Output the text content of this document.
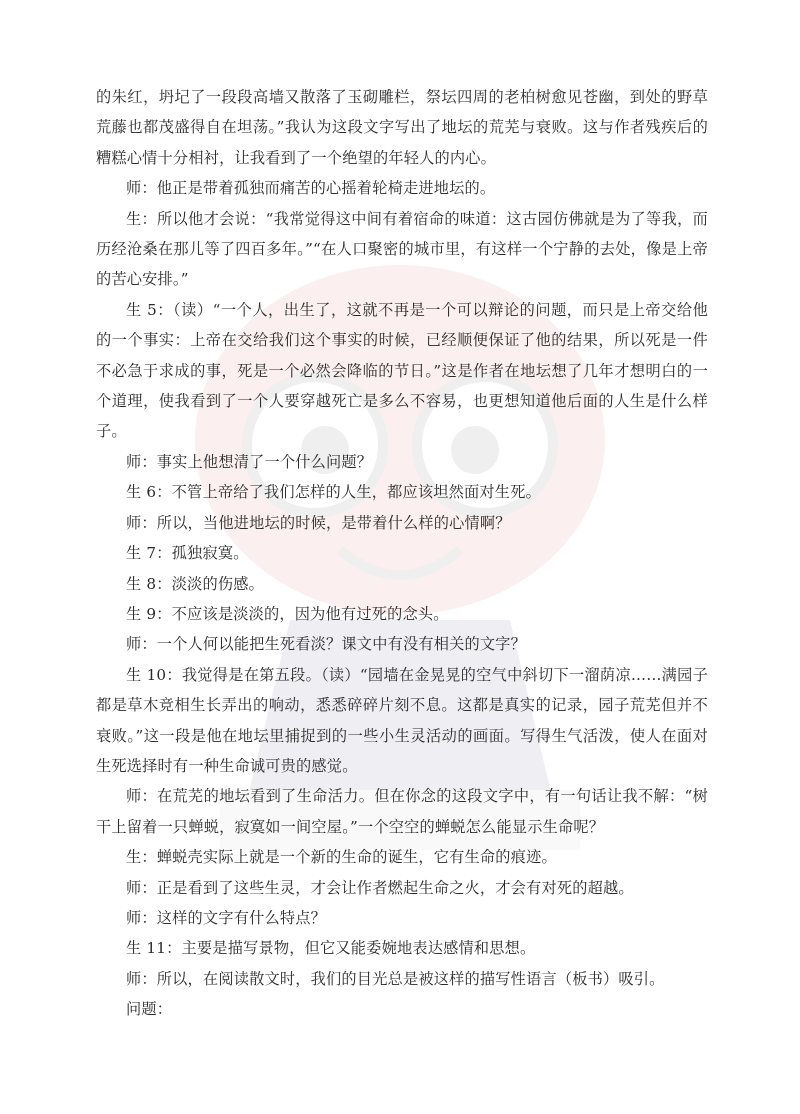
的朱红，坍圮了一段段高墙又散落了玉砌雕栏，祭坛四周的老柏树愈见苍幽，到处的野草荒藤也都茂盛得自在坦荡。”我认为这段文字写出了地坛的荒芜与衰败。这与作者残疾后的糟糕心情十分相衬，让我看到了一个绝望的年轻人的内心。

师：他正是带着孤独而痛苦的心摇着轮椅走进地坛的。

生：所以他才会说：“我常觉得这中间有着宿命的味道：这古园仿佛就是为了等我，而历经沧桑在那儿等了四百多年。”“在人口聚密的城市里，有这样一个宁静的去处，像是上帝的苦心安排。”

生 5：（读）“一个人，出生了，这就不再是一个可以辩论的问题，而只是上帝交给他的一个事实：上帝在交给我们这个事实的时候，已经顺便保证了他的结果，所以死是一件不必急于求成的事，死是一个必然会降临的节日。”这是作者在地坛想了几年才想明白的一个道理，使我看到了一个人要穿越死亡是多么不容易，也更想知道他后面的人生是什么样子。

师：事实上他想清了一个什么问题？

生 6：不管上帝给了我们怎样的人生，都应该坦然面对生死。

师：所以，当他进地坛的时候，是带着什么样的心情啊？

生 7：孤独寂寞。

生 8：淡淡的伤感。

生 9：不应该是淡淡的，因为他有过死的念头。

师：一个人何以能把生死看淡？课文中有没有相关的文字？

生 10：我觉得是在第五段。（读）“园墙在金晃晃的空气中斜切下一溜荫凉……满园子都是草木竞相生长弄出的响动，悉悉碎碎片刻不息。这都是真实的记录，园子荒芜但并不衰败。”这一段是他在地坛里捕捉到的一些小生灵活动的画面。写得生气活泼，使人在面对生死选择时有一种生命诚可贵的感觉。

师：在荒芜的地坛看到了生命活力。但在你念的这段文字中，有一句话让我不解：“树干上留着一只蝉蜕，寂寞如一间空屋。”一个空空的蝉蜕怎么能显示生命呢？

生：蝉蜕壳实际上就是一个新的生命的诞生，它有生命的痕迹。

师：正是看到了这些生灵，才会让作者燃起生命之火，才会有对死的超越。

师：这样的文字有什么特点？

生 11：主要是描写景物，但它又能委婉地表达感情和思想。

师：所以，在阅读散文时，我们的目光总是被这样的描写性语言（板书）吸引。

问题：
